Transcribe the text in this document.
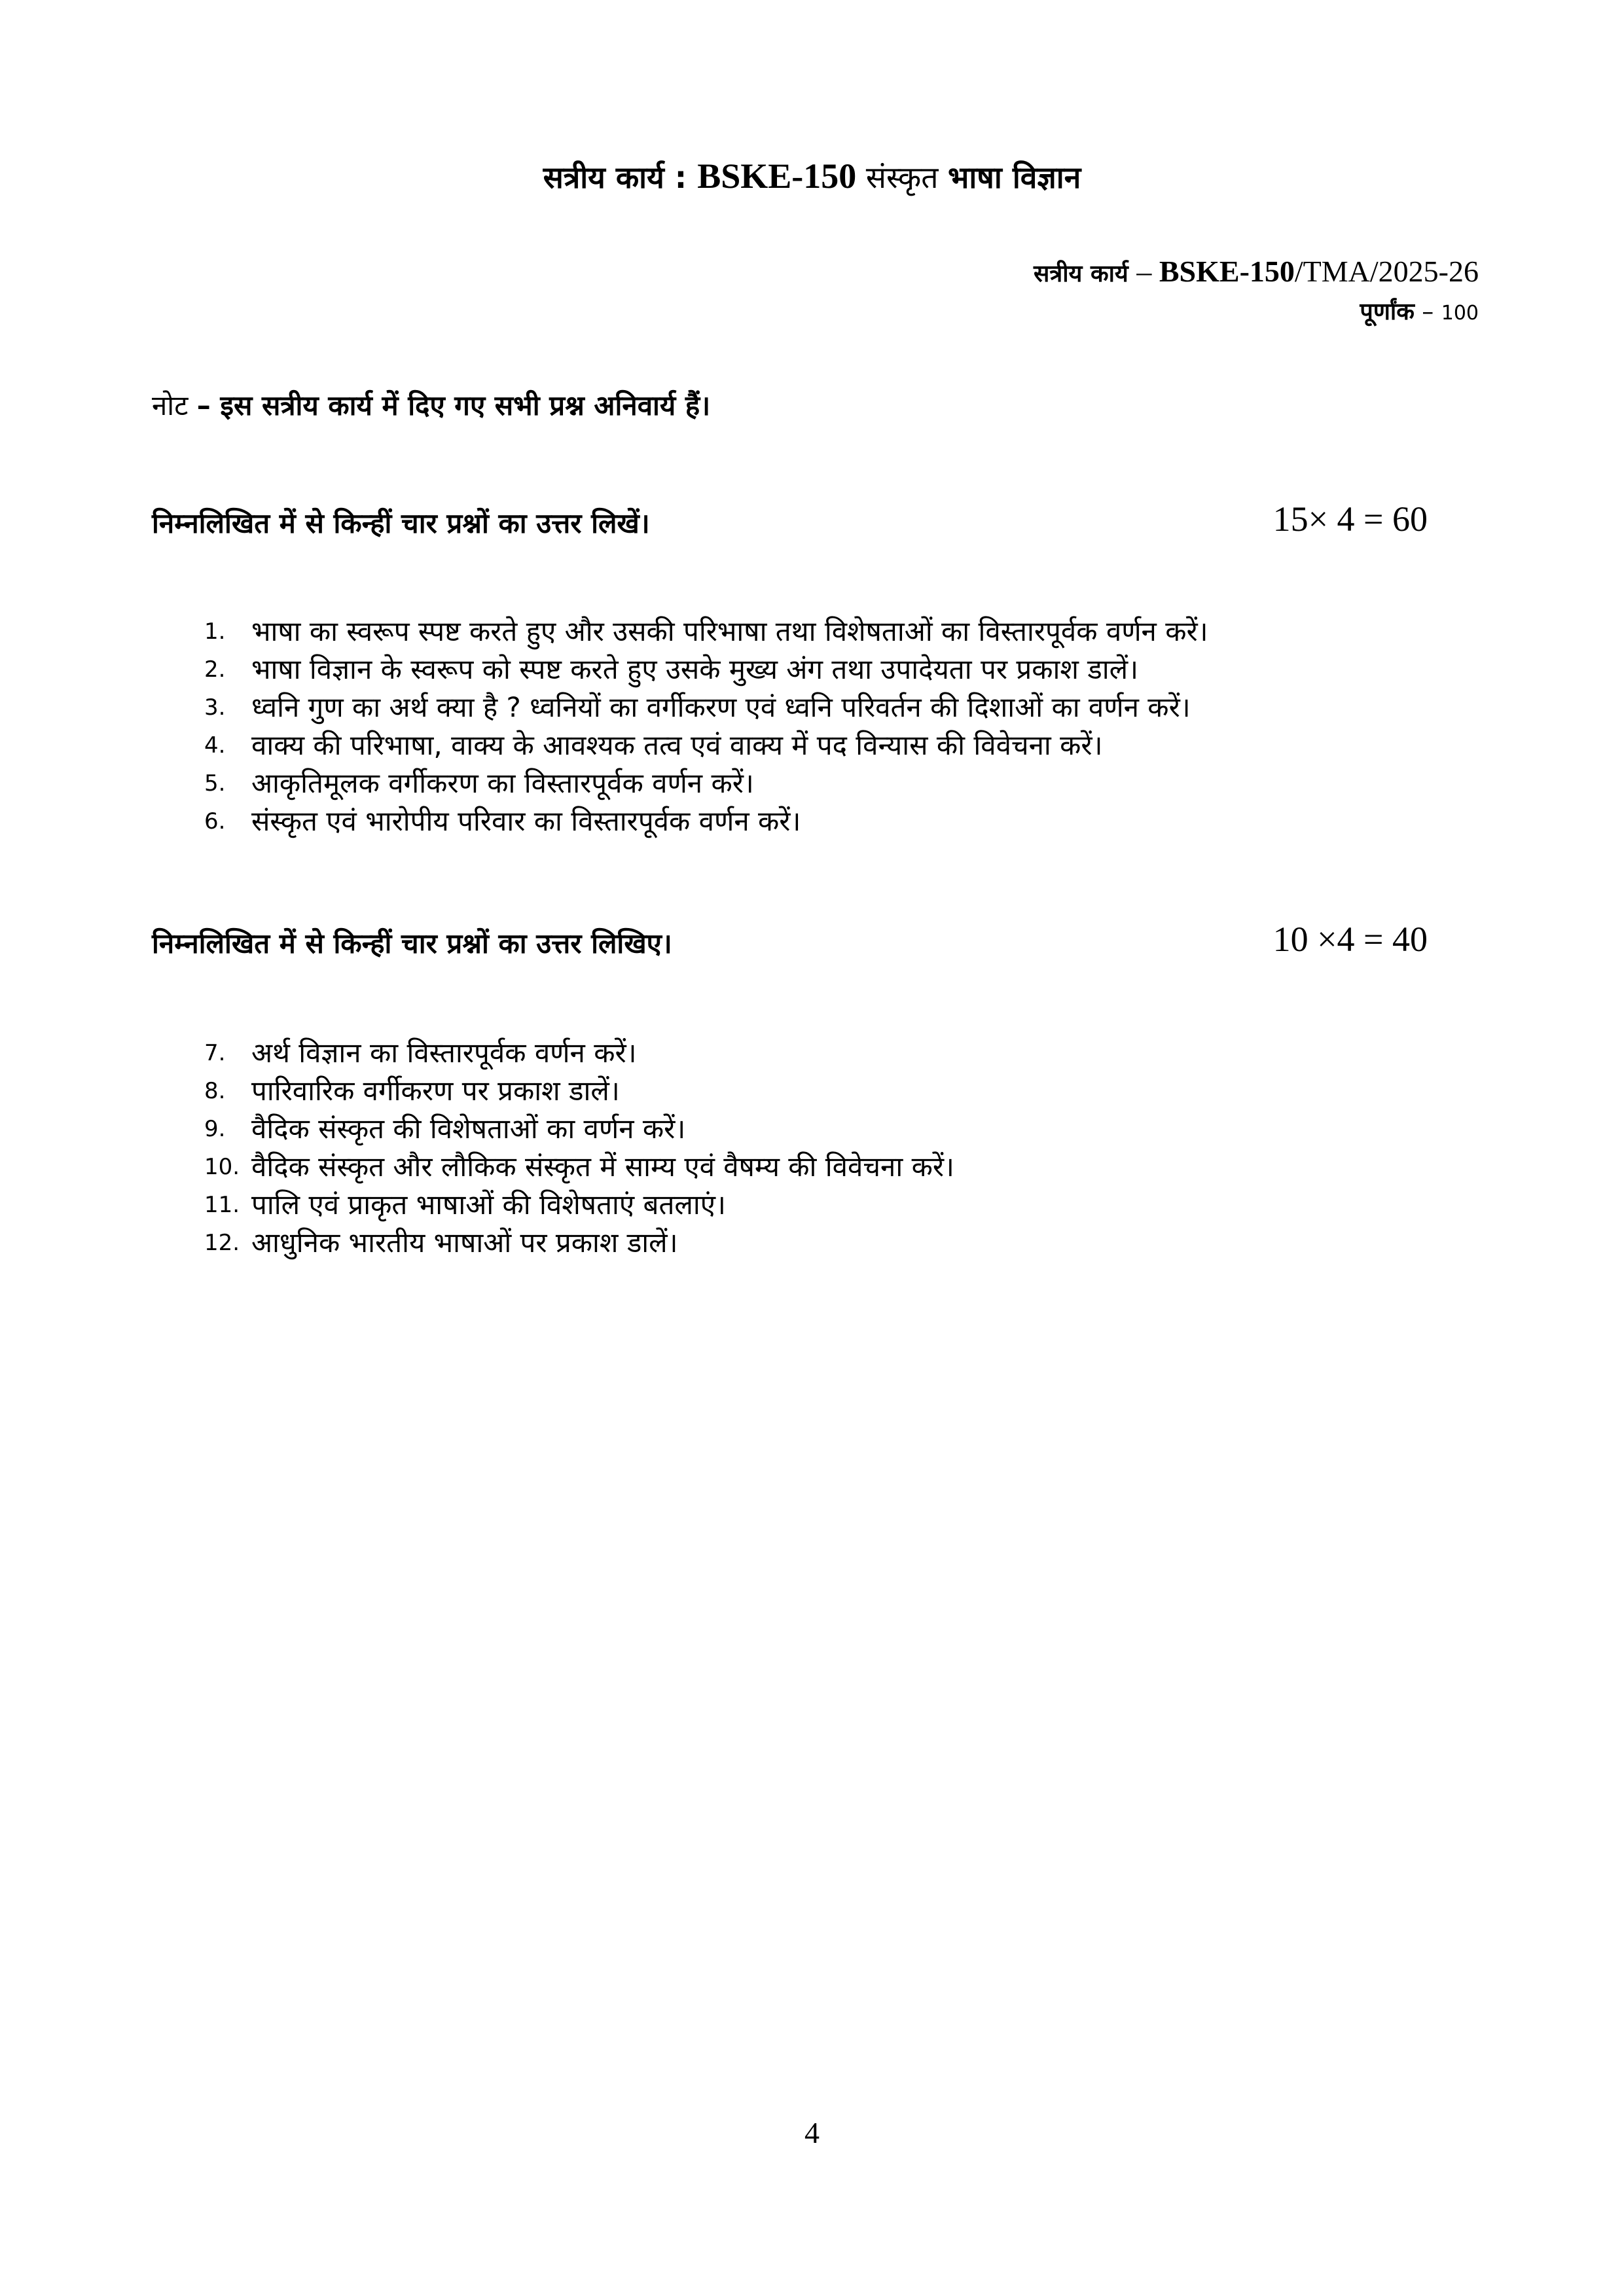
सत्रीय कार्य : BSKE-150 संस्कृत भाषा विज्ञान
सत्रीय कार्य – BSKE-150/TMA/2025-26
पूर्णांक – 100
नोट – इस सत्रीय कार्य में दिए गए सभी प्रश्न अनिवार्य हैं।
निम्नलिखित में से किन्हीं चार प्रश्नों का उत्तर लिखें।	15× 4 = 60
1. भाषा का स्वरूप स्पष्ट करते हुए और उसकी परिभाषा तथा विशेषताओं का विस्तारपूर्वक वर्णन करें।
2. भाषा विज्ञान के स्वरूप को स्पष्ट करते हुए उसके मुख्य अंग तथा उपादेयता पर प्रकाश डालें।
3. ध्वनि गुण का अर्थ क्या है ? ध्वनियों का वर्गीकरण एवं ध्वनि परिवर्तन की दिशाओं का वर्णन करें।
4. वाक्य की परिभाषा, वाक्य के आवश्यक तत्व एवं वाक्य में पद विन्यास की विवेचना करें।
5. आकृतिमूलक वर्गीकरण का विस्तारपूर्वक वर्णन करें।
6. संस्कृत एवं भारोपीय परिवार का विस्तारपूर्वक वर्णन करें।
निम्नलिखित में से किन्हीं चार प्रश्नों का उत्तर लिखिए।	10 ×4 = 40
7. अर्थ विज्ञान का विस्तारपूर्वक वर्णन करें।
8. पारिवारिक वर्गीकरण पर प्रकाश डालें।
9. वैदिक संस्कृत की विशेषताओं का वर्णन करें।
10. वैदिक संस्कृत और लौकिक संस्कृत में साम्य एवं वैषम्य की विवेचना करें।
11. पालि एवं प्राकृत भाषाओं की विशेषताएं बतलाएं।
12. आधुनिक भारतीय भाषाओं पर प्रकाश डालें।
4
